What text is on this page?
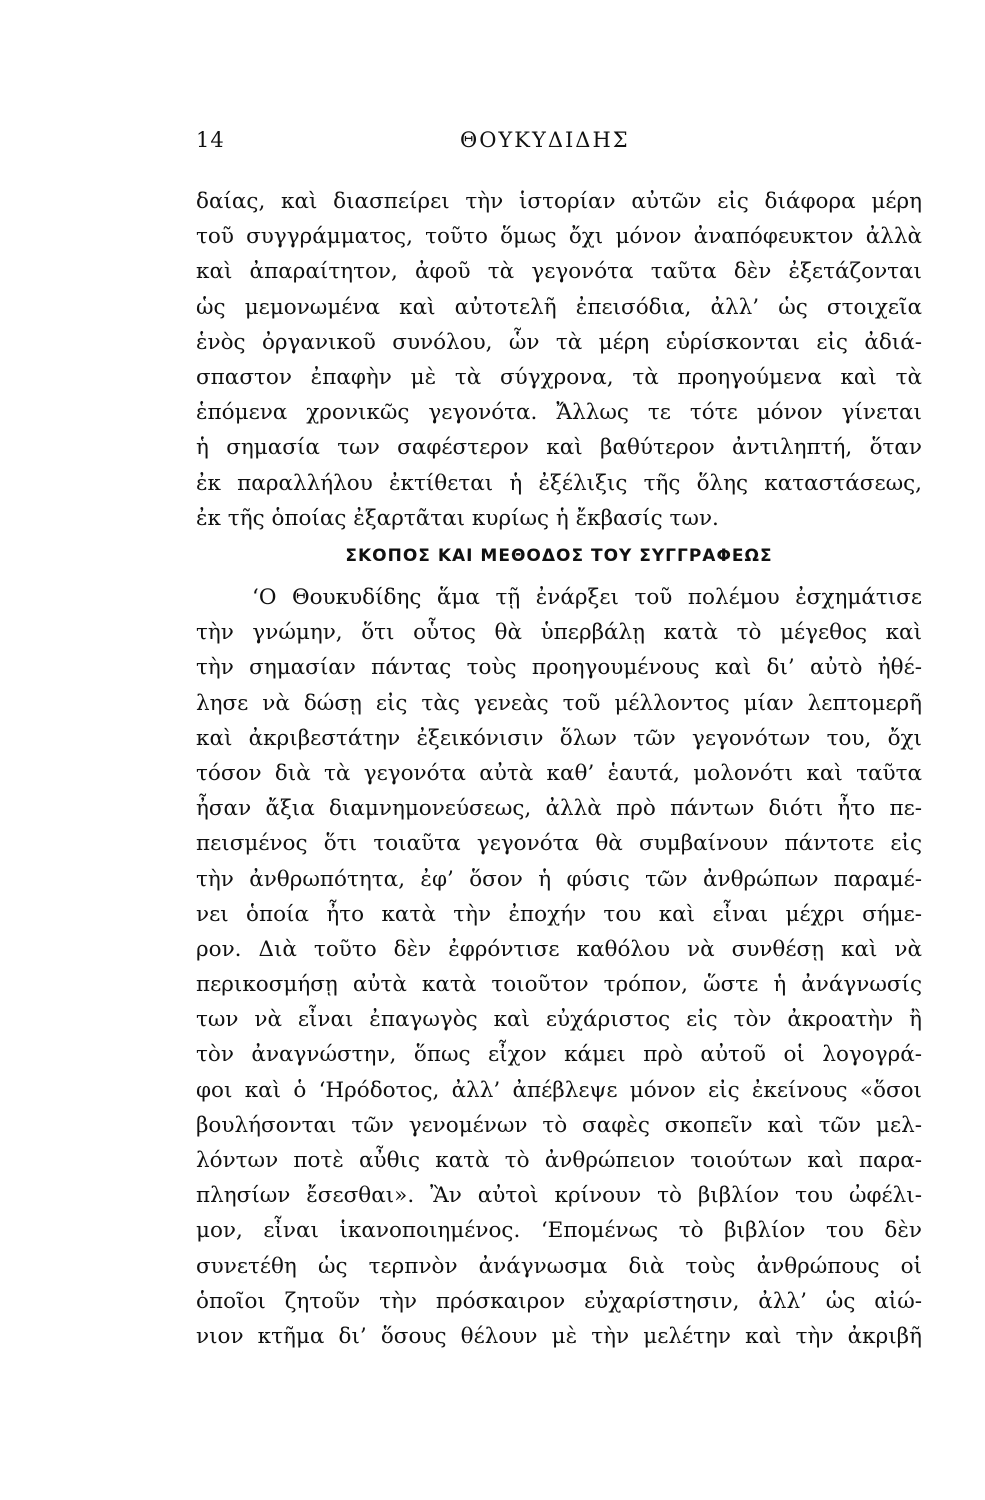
14	ΘΟΥΚΥΔΙΔΗΣ
δαίας, καὶ διασπείρει τὴν ἱστορίαν αὐτῶν εἰς διάφορα μέρη
τοῦ συγγράμματος, τοῦτο ὅμως ὄχι μόνον ἀναπόφευκτον ἀλλὰ
καὶ ἀπαραίτητον, ἀφοῦ τὰ γεγονότα ταῦτα δὲν ἐξετάζονται
ὡς μεμονωμένα καὶ αὐτοτελῆ ἐπεισόδια, ἀλλ’ ὡς στοιχεῖα
ἑνὸς ὀργανικοῦ συνόλου, ὧν τὰ μέρη εὑρίσκονται εἰς ἀδιά-
σπαστον ἐπαφὴν μὲ τὰ σύγχρονα, τὰ προηγούμενα καὶ τὰ
ἑπόμενα χρονικῶς γεγονότα. Ἄλλως τε τότε μόνον γίνεται
ἡ σημασία των σαφέστερον καὶ βαθύτερον ἀντιληπτή, ὅταν
ἐκ παραλλήλου ἐκτίθεται ἡ ἐξέλιξις τῆς ὅλης καταστάσεως,
ἐκ τῆς ὁποίας ἐξαρτᾶται κυρίως ἡ ἔκβασίς των.
ΣΚΟΠΟΣ ΚΑΙ ΜΕΘΟΔΟΣ ΤΟΥ ΣΥΓΓΡΑΦΕΩΣ
‘Ο Θουκυδίδης ἅμα τῇ ἐνάρξει τοῦ πολέμου ἐσχημάτισε
τὴν γνώμην, ὅτι οὗτος θὰ ὑπερβάλῃ κατὰ τὸ μέγεθος καὶ
τὴν σημασίαν πάντας τοὺς προηγουμένους καὶ δι’ αὐτὸ ἠθέ-
λησε νὰ δώσῃ εἰς τὰς γενεὰς τοῦ μέλλοντος μίαν λεπτομερῆ
καὶ ἀκριβεστάτην ἐξεικόνισιν ὅλων τῶν γεγονότων του, ὄχι
τόσον διὰ τὰ γεγονότα αὐτὰ καθ’ ἑαυτά, μολονότι καὶ ταῦτα
ἦσαν ἄξια διαμνημονεύσεως, ἀλλὰ πρὸ πάντων διότι ἦτο πε-
πεισμένος ὅτι τοιαῦτα γεγονότα θὰ συμβαίνουν πάντοτε εἰς
τὴν ἀνθρωπότητα, ἐφ’ ὅσον ἡ φύσις τῶν ἀνθρώπων παραμέ-
νει ὁποία ἦτο κατὰ τὴν ἐποχήν του καὶ εἶναι μέχρι σήμε-
ρον. Διὰ τοῦτο δὲν ἐφρόντισε καθόλου νὰ συνθέσῃ καὶ νὰ
περικοσμήσῃ αὐτὰ κατὰ τοιοῦτον τρόπον, ὥστε ἡ ἀνάγνωσίς
των νὰ εἶναι ἐπαγωγὸς καὶ εὐχάριστος εἰς τὸν ἀκροατὴν ἢ
τὸν ἀναγνώστην, ὅπως εἶχον κάμει πρὸ αὐτοῦ οἱ λογογρά-
φοι καὶ ὁ ‘Ηρόδοτος, ἀλλ’ ἀπέβλεψε μόνον εἰς ἐκείνους «ὅσοι
βουλήσονται τῶν γενομένων τὸ σαφὲς σκοπεῖν καὶ τῶν μελ-
λόντων ποτὲ αὖθις κατὰ τὸ ἀνθρώπειον τοιούτων καὶ παρα-
πλησίων ἔσεσθαι». Ἂν αὐτοὶ κρίνουν τὸ βιβλίον του ὠφέλι-
μον, εἶναι ἱκανοποιημένος. ‘Επομένως τὸ βιβλίον του δὲν
συνετέθη ὡς τερπνὸν ἀνάγνωσμα διὰ τοὺς ἀνθρώπους οἱ
ὁποῖοι ζητοῦν τὴν πρόσκαιρον εὐχαρίστησιν, ἀλλ’ ὡς αἰώ-
νιον κτῆμα δι’ ὅσους θέλουν μὲ τὴν μελέτην καὶ τὴν ἀκριβῆ
